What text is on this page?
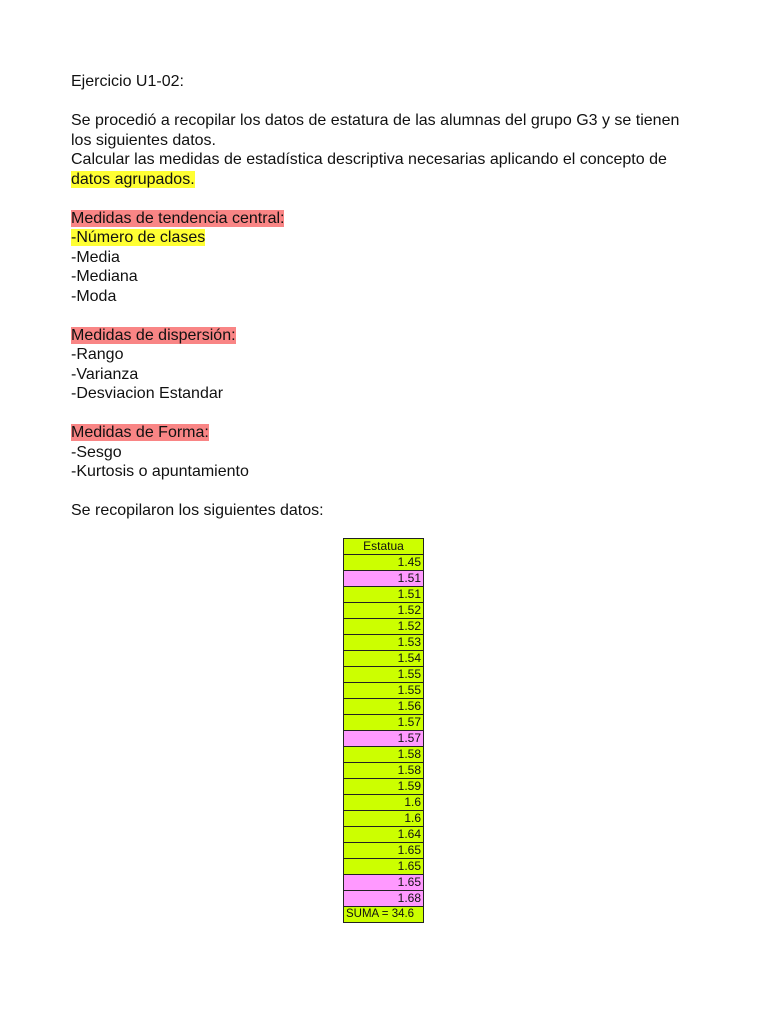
Ejercicio U1-02:
Se procedió a recopilar los datos de estatura de las alumnas del grupo G3 y se tienen
los siguientes datos.
Calcular las medidas de estadística descriptiva necesarias aplicando el concepto de
datos agrupados.
Medidas de tendencia central:
-Número de clases
-Media
-Mediana
-Moda
Medidas de dispersión:
-Rango
-Varianza
-Desviacion Estandar
Medidas de Forma:
-Sesgo
-Kurtosis o apuntamiento
Se recopilaron los siguientes datos:
Estatua
1.45
1.51
1.51
1.52
1.52
1.53
1.54
1.55
1.55
1.56
1.57
1.57
1.58
1.58
1.59
1.6
1.6
1.64
1.65
1.65
1.65
1.68
SUMA = 34.6
